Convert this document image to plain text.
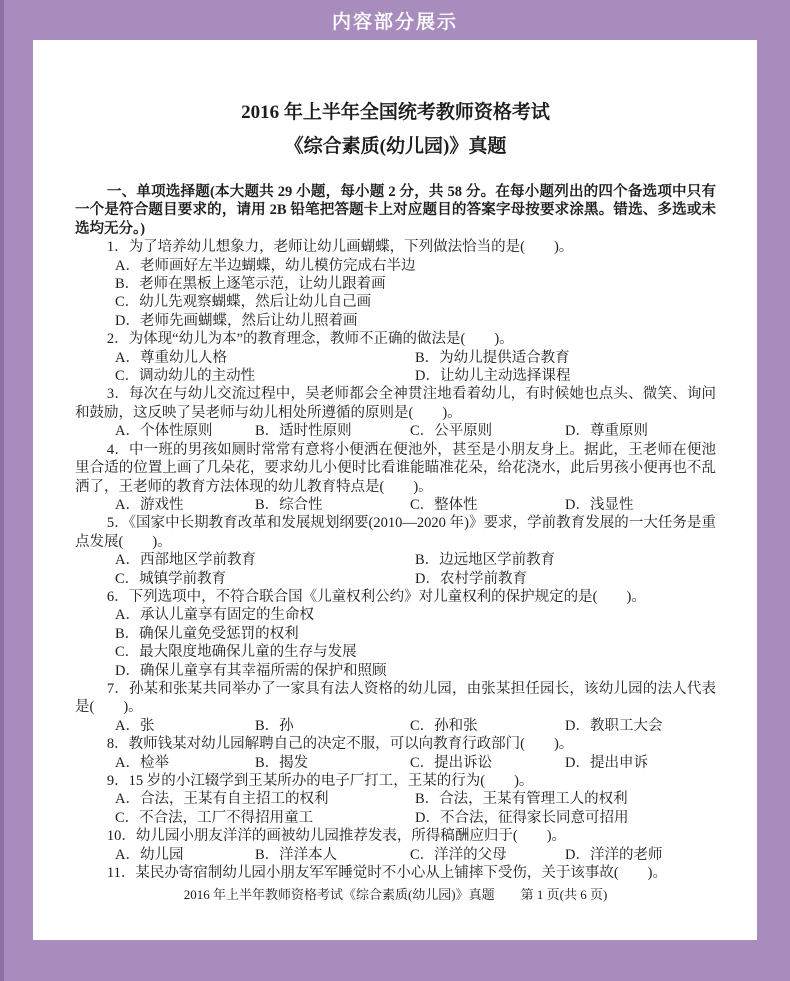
内容部分展示
2016 年上半年全国统考教师资格考试
《综合素质(幼儿园)》真题

一、单项选择题(本大题共 29 小题，每小题 2 分，共 58 分。在每小题列出的四个备选项中只有一个是符合题目要求的，请用 2B 铅笔把答题卡上对应题目的答案字母按要求涂黑。错选、多选或未选均无分。)

1．为了培养幼儿想象力，老师让幼儿画蝴蝶，下列做法恰当的是(　　)。

A．老师画好左半边蝴蝶，幼儿模仿完成右半边

B．老师在黑板上逐笔示范，让幼儿跟着画

C．幼儿先观察蝴蝶，然后让幼儿自己画

D．老师先画蝴蝶，然后让幼儿照着画

2．为体现“幼儿为本”的教育理念，教师不正确的做法是(　　)。

A．尊重幼儿人格	B．为幼儿提供适合教育
C．调动幼儿的主动性	D．让幼儿主动选择课程

3．每次在与幼儿交流过程中，吴老师都会全神贯注地看着幼儿，有时候她也点头、微笑、询问和鼓励，这反映了吴老师与幼儿相处所遵循的原则是(　　)。

A．个体性原则	B．适时性原则	C．公平原则	D．尊重原则

4．中一班的男孩如厕时常常有意将小便洒在便池外，甚至是小朋友身上。据此，王老师在便池里合适的位置上画了几朵花，要求幼儿小便时比看谁能瞄准花朵，给花浇水，此后男孩小便再也不乱洒了，王老师的教育方法体现的幼儿教育特点是(　　)。

A．游戏性	B．综合性	C．整体性	D．浅显性

5．《国家中长期教育改革和发展规划纲要(2010—2020 年)》要求，学前教育发展的一大任务是重点发展(　　)。

A．西部地区学前教育	B．边远地区学前教育
C．城镇学前教育	D．农村学前教育

6．下列选项中，不符合联合国《儿童权利公约》对儿童权利的保护规定的是(　　)。

A．承认儿童享有固定的生命权

B．确保儿童免受惩罚的权利

C．最大限度地确保儿童的生存与发展

D．确保儿童享有其幸福所需的保护和照顾

7．孙某和张某共同举办了一家具有法人资格的幼儿园，由张某担任园长，该幼儿园的法人代表是(　　)。

A．张	B．孙	C．孙和张	D．教职工大会

8．教师钱某对幼儿园解聘自己的决定不服，可以向教育行政部门(　　)。

A．检举	B．揭发	C．提出诉讼	D．提出申诉

9．15 岁的小江辍学到王某所办的电子厂打工，王某的行为(　　)。

A．合法，王某有自主招工的权利	B．合法，王某有管理工人的权利
C．不合法，工厂不得招用童工	D．不合法，征得家长同意可招用

10．幼儿园小朋友洋洋的画被幼儿园推荐发表，所得稿酬应归于(　　)。

A．幼儿园	B．洋洋本人	C．洋洋的父母	D．洋洋的老师

11．某民办寄宿制幼儿园小朋友军军睡觉时不小心从上铺摔下受伤，关于该事故(　　)。

2016 年上半年教师资格考试《综合素质(幼儿园)》真题　　第 1 页(共 6 页)
